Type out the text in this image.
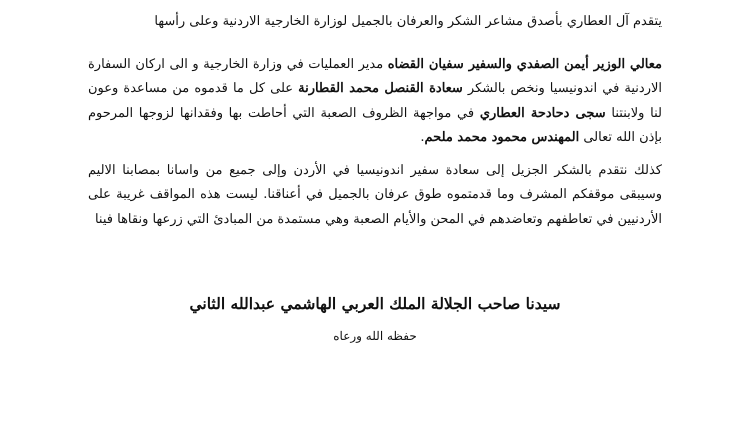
يتقدم آل العطاري بأصدق مشاعر الشكر والعرفان بالجميل لوزارة الخارجية الاردنية وعلى رأسها

معالي الوزير أيمن الصفدي والسفير سفيان القضاه مدير العمليات في وزارة الخارجية و الى اركان السفارة الاردنية في اندونيسيا ونخص بالشكر سعادة القنصل محمد القطارنة على كل ما قدموه من مساعدة وعون لنا ولابنتنا سجى دحادحة العطاري في مواجهة الظروف الصعبة التي أحاطت بها وفقدانها لزوجها المرحوم بإذن الله تعالى المهندس محمود محمد ملحم.

كذلك نتقدم بالشكر الجزيل إلى سعادة سفير اندونيسيا في الأردن وإلى جميع من واسانا بمصابنا الاليم وسيبقى موقفكم المشرف وما قدمتموه طوق عرفان بالجميل في أعناقنا. ليست هذه المواقف غريبة على الأردنيين في تعاطفهم وتعاضدهم في المحن والأيام الصعبة وهي مستمدة من المبادئ التي زرعها ونقاها فينا

سيدنا صاحب الجلالة الملك العربي الهاشمي عبدالله الثاني
حفظه الله ورعاه
